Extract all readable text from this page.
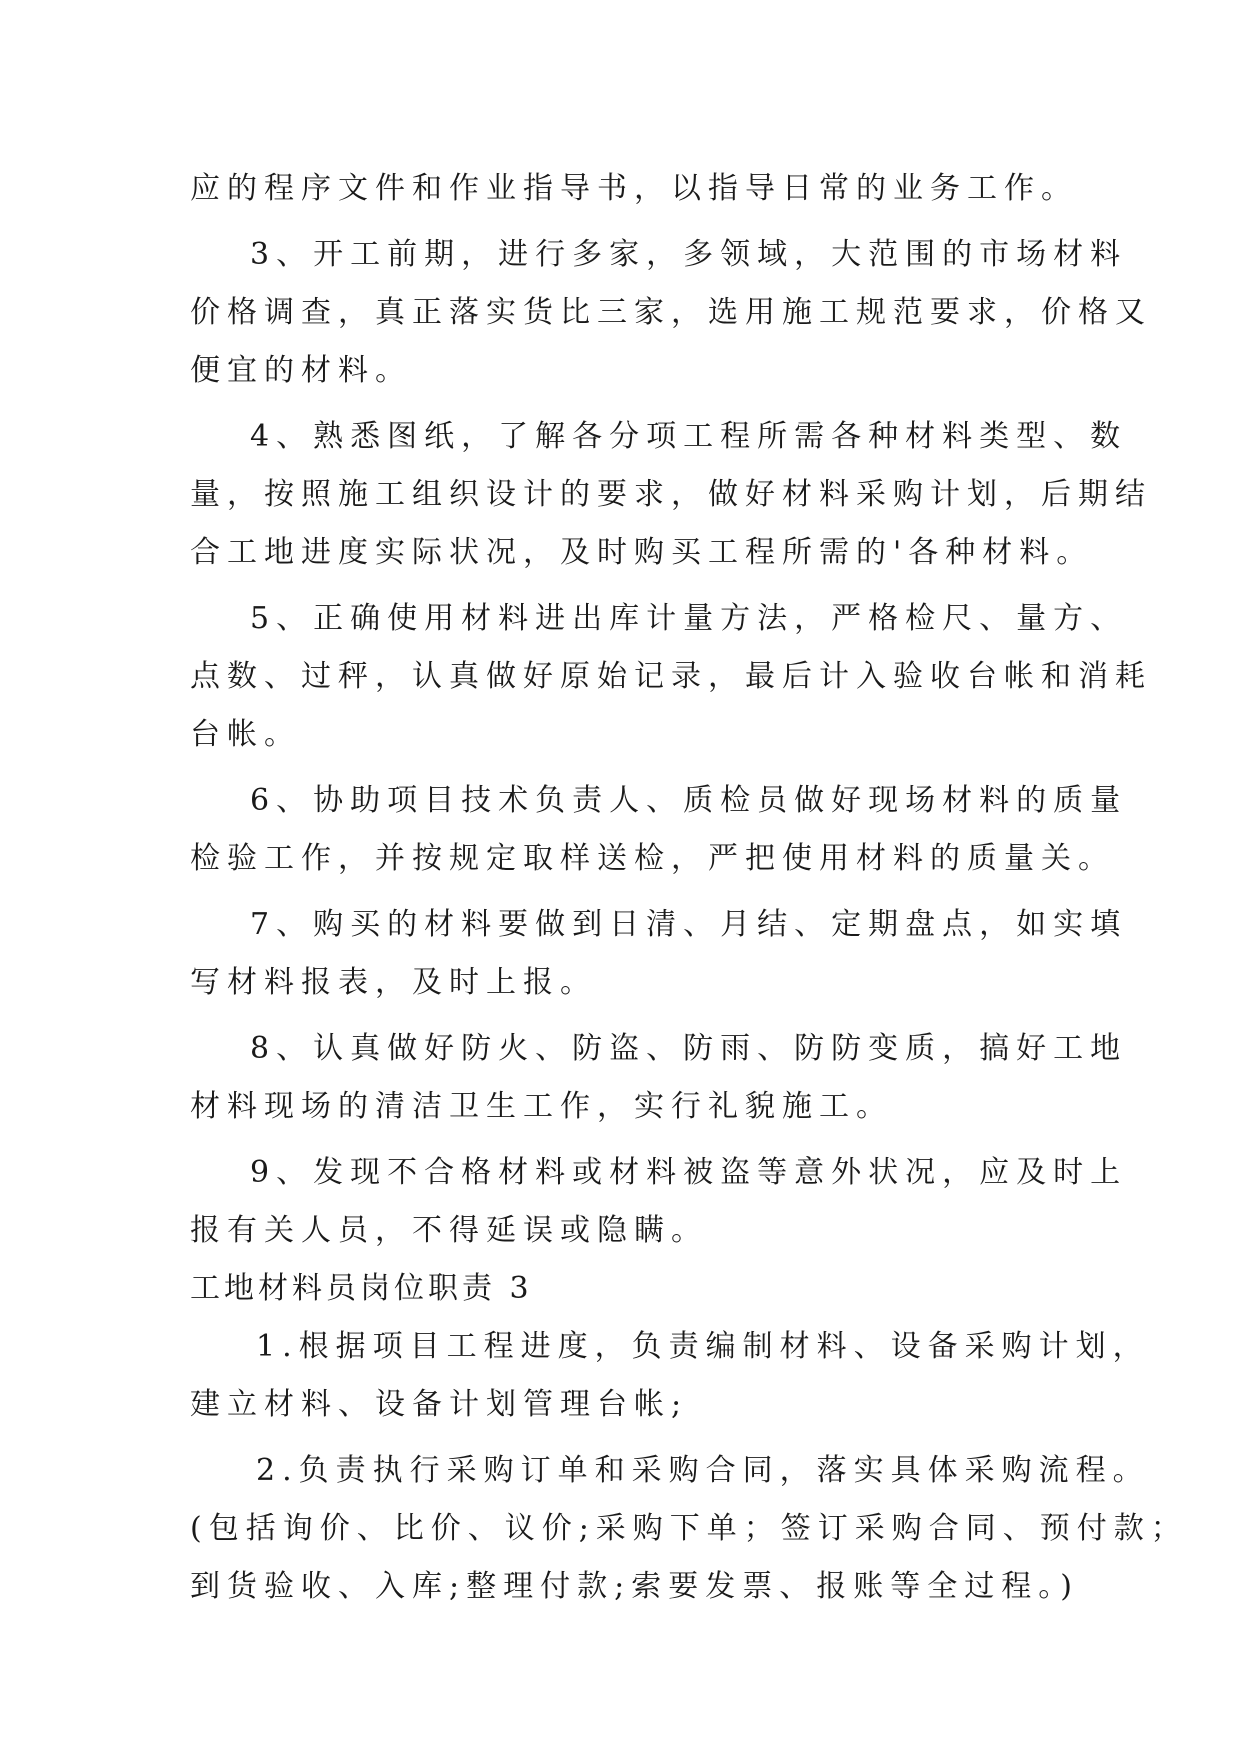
应的程序文件和作业指导书，以指导日常的业务工作。
3、开工前期，进行多家，多领域，大范围的市场材料
价格调查，真正落实货比三家，选用施工规范要求，价格又
便宜的材料。
4、熟悉图纸，了解各分项工程所需各种材料类型、数
量，按照施工组织设计的要求，做好材料采购计划，后期结
合工地进度实际状况，及时购买工程所需的'各种材料。
5、正确使用材料进出库计量方法，严格检尺、量方、
点数、过秤，认真做好原始记录，最后计入验收台帐和消耗
台帐。
6、协助项目技术负责人、质检员做好现场材料的质量
检验工作，并按规定取样送检，严把使用材料的质量关。
7、购买的材料要做到日清、月结、定期盘点，如实填
写材料报表，及时上报。
8、认真做好防火、防盗、防雨、防防变质，搞好工地
材料现场的清洁卫生工作，实行礼貌施工。
9、发现不合格材料或材料被盗等意外状况，应及时上
报有关人员，不得延误或隐瞒。
工地材料员岗位职责 3
1.根据项目工程进度，负责编制材料、设备采购计划，
建立材料、设备计划管理台帐;
2.负责执行采购订单和采购合同，落实具体采购流程。
(包括询价、比价、议价;采购下单；签订采购合同、预付款；
到货验收、入库;整理付款;索要发票、报账等全过程。)
